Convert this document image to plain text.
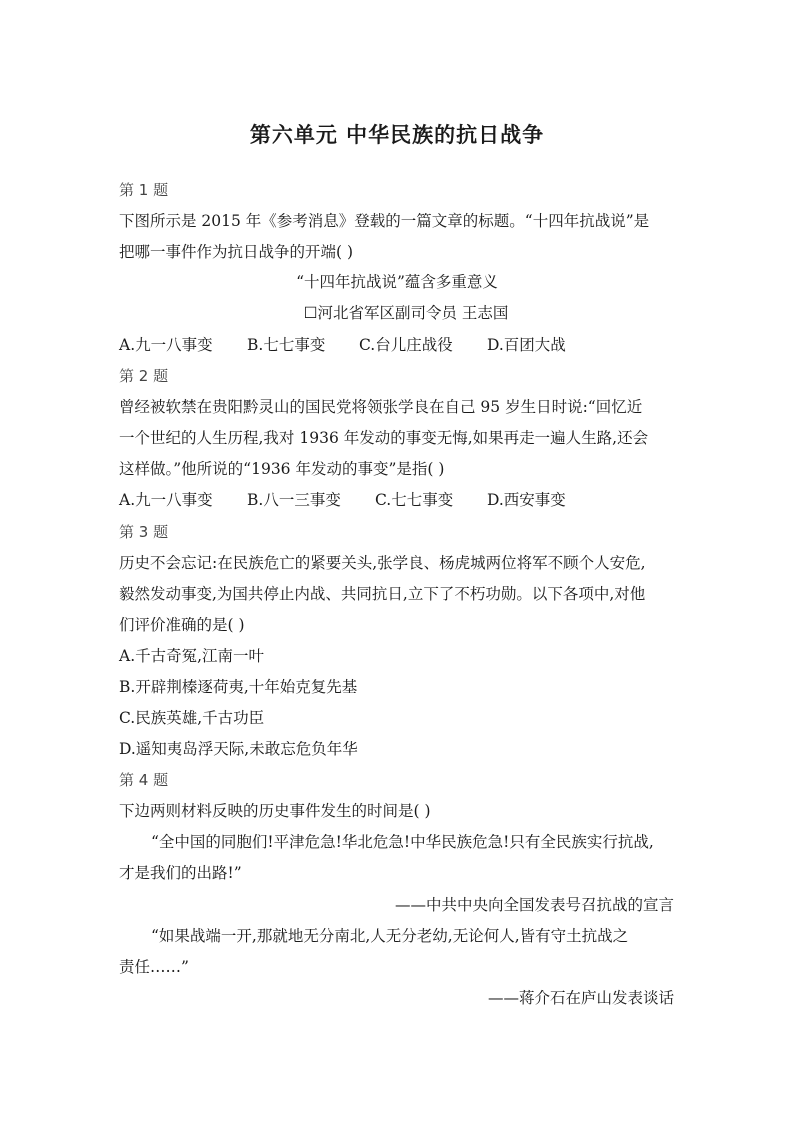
第六单元 中华民族的抗日战争
第 1 题
下图所示是 2015 年《参考消息》登载的一篇文章的标题。“十四年抗战说”是
把哪一事件作为抗日战争的开端( )
“十四年抗战说”蕴含多重意义
☐河北省军区副司令员 王志国
A.九一八事变 B.七七事变 C.台儿庄战役 D.百团大战
第 2 题
曾经被软禁在贵阳黔灵山的国民党将领张学良在自己 95 岁生日时说:“回忆近
一个世纪的人生历程,我对 1936 年发动的事变无悔,如果再走一遍人生路,还会
这样做。”他所说的“1936 年发动的事变”是指( )
A.九一八事变 B.八一三事变 C.七七事变 D.西安事变
第 3 题
历史不会忘记:在民族危亡的紧要关头,张学良、杨虎城两位将军不顾个人安危,
毅然发动事变,为国共停止内战、共同抗日,立下了不朽功勋。以下各项中,对他
们评价准确的是( )
A.千古奇冤,江南一叶
B.开辟荆榛逐荷夷,十年始克复先基
C.民族英雄,千古功臣
D.遥知夷岛浮天际,未敢忘危负年华
第 4 题
下边两则材料反映的历史事件发生的时间是( )
“全中国的同胞们!平津危急!华北危急!中华民族危急!只有全民族实行抗战,
才是我们的出路!”
——中共中央向全国发表号召抗战的宣言
“如果战端一开,那就地无分南北,人无分老幼,无论何人,皆有守土抗战之
责任……”
——蒋介石在庐山发表谈话
